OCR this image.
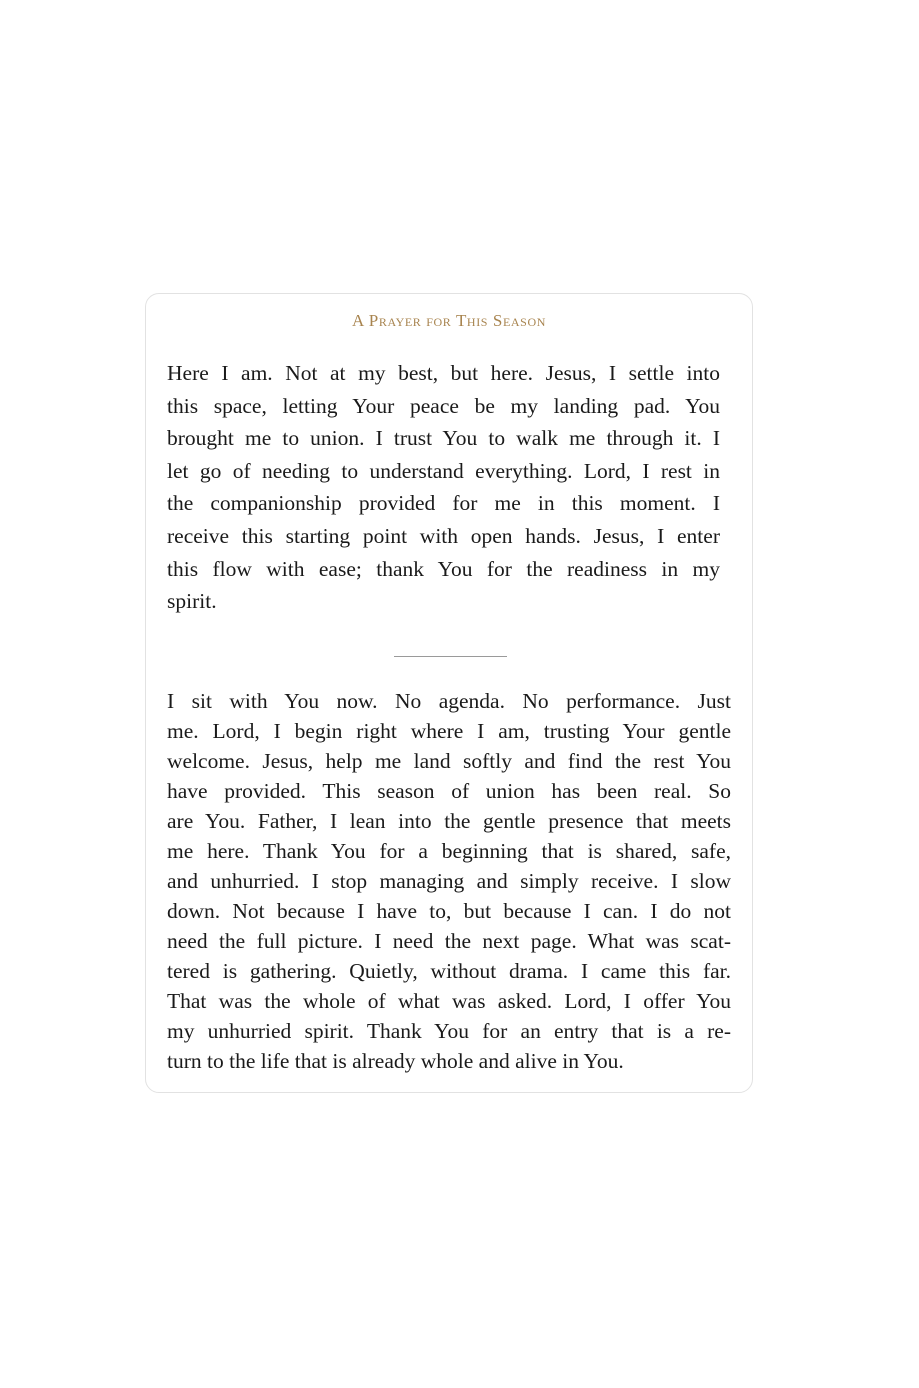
A Prayer for This Season
Here I am. Not at my best, but here. Jesus, I settle into
this space, letting Your peace be my landing pad. You
brought me to union. I trust You to walk me through it. I
let go of needing to understand everything. Lord, I rest in
the companionship provided for me in this moment. I
receive this starting point with open hands. Jesus, I enter
this flow with ease; thank You for the readiness in my
spirit.
I sit with You now. No agenda. No performance. Just
me. Lord, I begin right where I am, trusting Your gentle
welcome. Jesus, help me land softly and find the rest You
have provided. This season of union has been real. So
are You. Father, I lean into the gentle presence that meets
me here. Thank You for a beginning that is shared, safe,
and unhurried. I stop managing and simply receive. I slow
down. Not because I have to, but because I can. I do not
need the full picture. I need the next page. What was scat-
tered is gathering. Quietly, without drama. I came this far.
That was the whole of what was asked. Lord, I offer You
my unhurried spirit. Thank You for an entry that is a re-
turn to the life that is already whole and alive in You.
